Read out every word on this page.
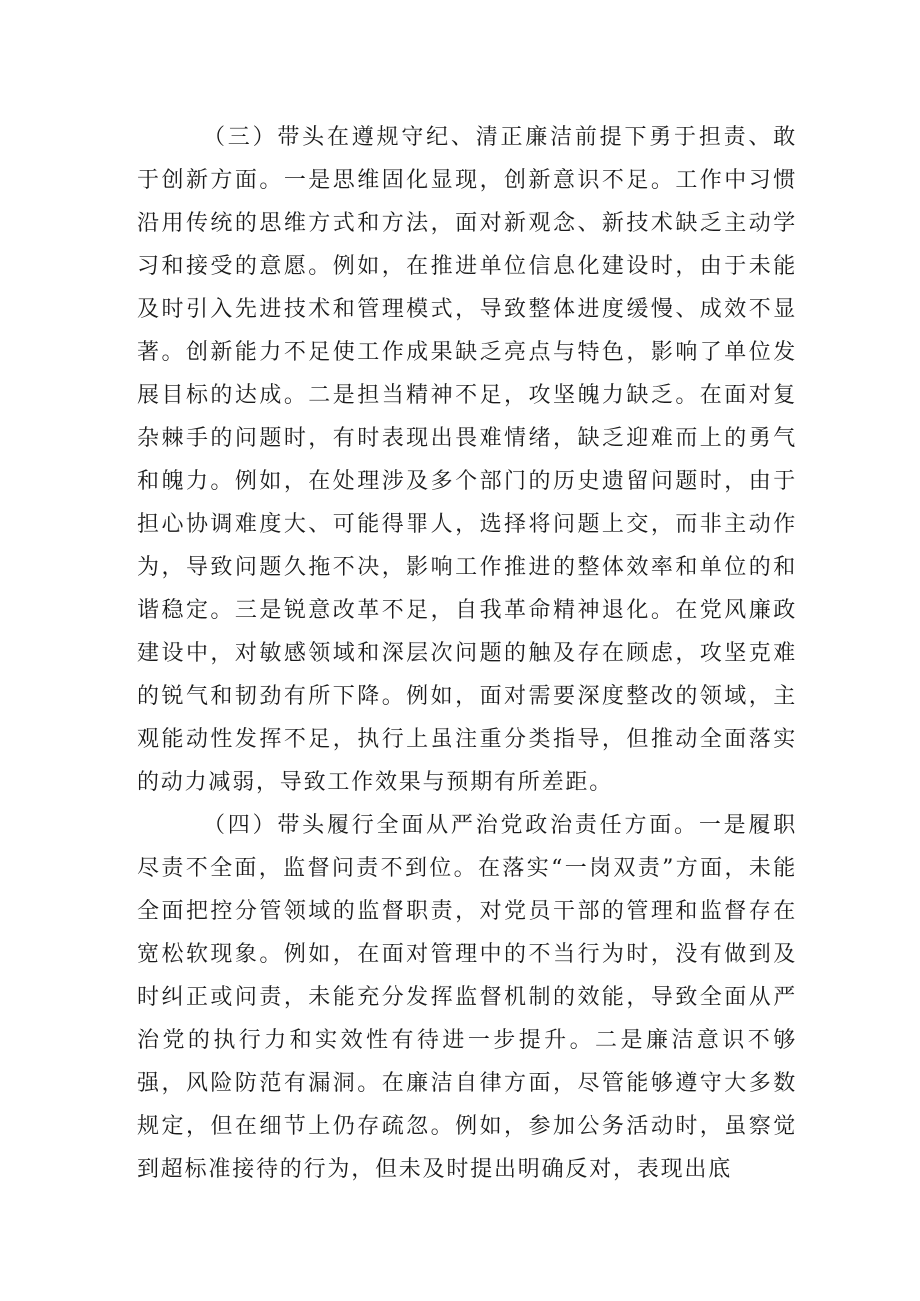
（三）带头在遵规守纪、清正廉洁前提下勇于担责、敢于创新方面。一是思维固化显现，创新意识不足。工作中习惯沿用传统的思维方式和方法，面对新观念、新技术缺乏主动学习和接受的意愿。例如，在推进单位信息化建设时，由于未能及时引入先进技术和管理模式，导致整体进度缓慢、成效不显著。创新能力不足使工作成果缺乏亮点与特色，影响了单位发展目标的达成。二是担当精神不足，攻坚魄力缺乏。在面对复杂棘手的问题时，有时表现出畏难情绪，缺乏迎难而上的勇气和魄力。例如，在处理涉及多个部门的历史遗留问题时，由于担心协调难度大、可能得罪人，选择将问题上交，而非主动作为，导致问题久拖不决，影响工作推进的整体效率和单位的和谐稳定。三是锐意改革不足，自我革命精神退化。在党风廉政建设中，对敏感领域和深层次问题的触及存在顾虑，攻坚克难的锐气和韧劲有所下降。例如，面对需要深度整改的领域，主观能动性发挥不足，执行上虽注重分类指导，但推动全面落实的动力减弱，导致工作效果与预期有所差距。

（四）带头履行全面从严治党政治责任方面。一是履职尽责不全面，监督问责不到位。在落实“一岗双责”方面，未能全面把控分管领域的监督职责，对党员干部的管理和监督存在宽松软现象。例如，在面对管理中的不当行为时，没有做到及时纠正或问责，未能充分发挥监督机制的效能，导致全面从严治党的执行力和实效性有待进一步提升。二是廉洁意识不够强，风险防范有漏洞。在廉洁自律方面，尽管能够遵守大多数规定，但在细节上仍存疏忽。例如，参加公务活动时，虽察觉到超标准接待的行为，但未及时提出明确反对，表现出底
